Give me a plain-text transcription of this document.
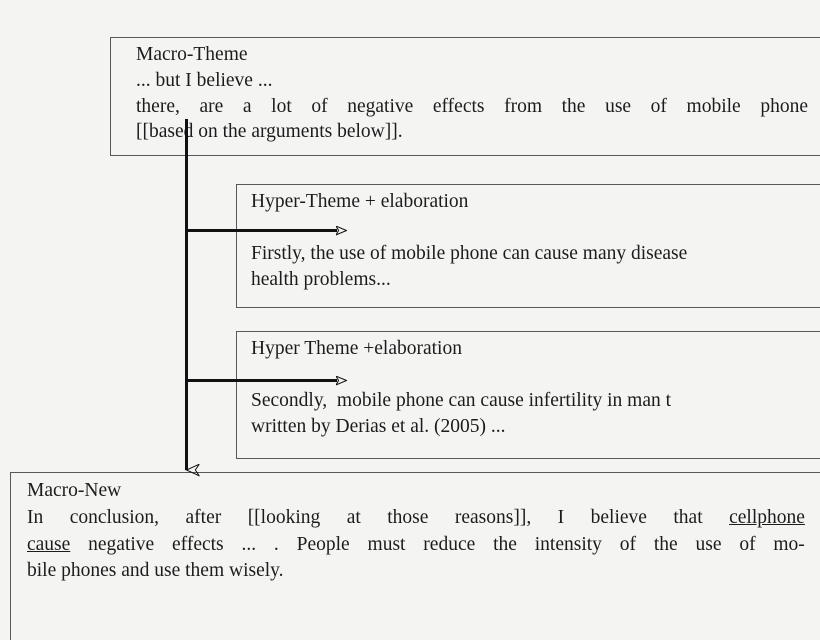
Macro-Theme
... but I believe ...
there, are a lot of negative effects from the use of mobile phone
[[based on the arguments below]].
Hyper-Theme + elaboration
Firstly, the use of mobile phone can cause many disease
health problems...
Hyper Theme +elaboration
Secondly,  mobile phone can cause infertility in man t
written by Derias et al. (2005) ...
Macro-New
In conclusion, after [[looking at those reasons]], I believe that cellphone
cause negative effects ... . People must reduce the intensity of the use of mo-
bile phones and use them wisely.
